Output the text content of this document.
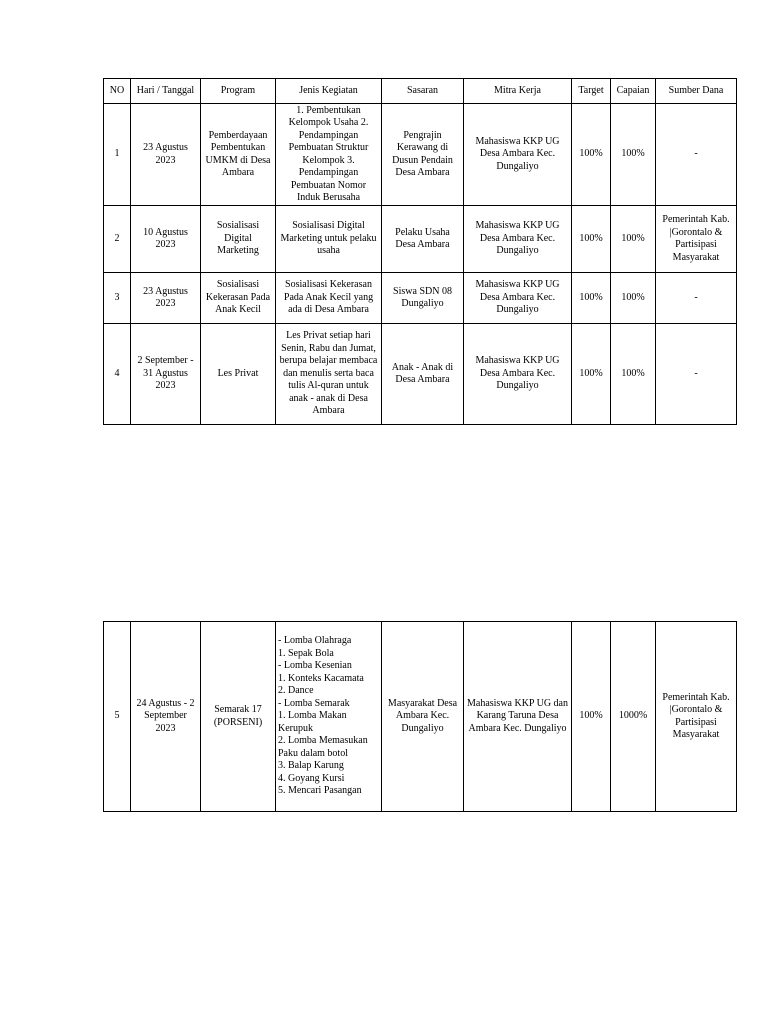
NO	Hari / Tanggal	Program	Jenis Kegiatan	Sasaran	Mitra Kerja	Target	Capaian	Sumber Dana
1	23 Agustus 2023	Pemberdayaan Pembentukan UMKM di Desa Ambara	1. Pembentukan Kelompok Usaha 2. Pendampingan Pembuatan Struktur Kelompok 3. Pendampingan Pembuatan Nomor Induk Berusaha	Pengrajin Kerawang di Dusun Pendain Desa Ambara	Mahasiswa KKP UG Desa Ambara Kec. Dungaliyo	100%	100%	-
2	10 Agustus 2023	Sosialisasi Digital Marketing	Sosialisasi Digital Marketing untuk pelaku usaha	Pelaku Usaha Desa Ambara	Mahasiswa KKP UG Desa Ambara Kec. Dungaliyo	100%	100%	Pemerintah Kab. |Gorontalo & Partisipasi Masyarakat
3	23 Agustus 2023	Sosialisasi Kekerasan Pada Anak Kecil	Sosialisasi Kekerasan Pada Anak Kecil yang ada di Desa Ambara	Siswa SDN 08 Dungaliyo	Mahasiswa KKP UG Desa Ambara Kec. Dungaliyo	100%	100%	-
4	2 September - 31 Agustus 2023	Les Privat	Les Privat setiap hari Senin, Rabu dan Jumat, berupa belajar membaca dan menulis serta baca tulis Al-quran untuk anak - anak di Desa Ambara	Anak - Anak di Desa Ambara	Mahasiswa KKP UG Desa Ambara Kec. Dungaliyo	100%	100%	-
5	24 Agustus - 2 September 2023	Semarak 17 (PORSENI)	
- Lomba Olahraga
1. Sepak Bola
- Lomba Kesenian
1. Konteks Kacamata
2. Dance
- Lomba Semarak
1. Lomba Makan Kerupuk
2. Lomba Memasukan Paku dalam botol
3. Balap Karung
4. Goyang Kursi
5. Mencari Pasangan
	Masyarakat Desa Ambara Kec. Dungaliyo	Mahasiswa KKP UG dan Karang Taruna Desa Ambara Kec. Dungaliyo	100%	1000%	Pemerintah Kab. |Gorontalo & Partisipasi Masyarakat
